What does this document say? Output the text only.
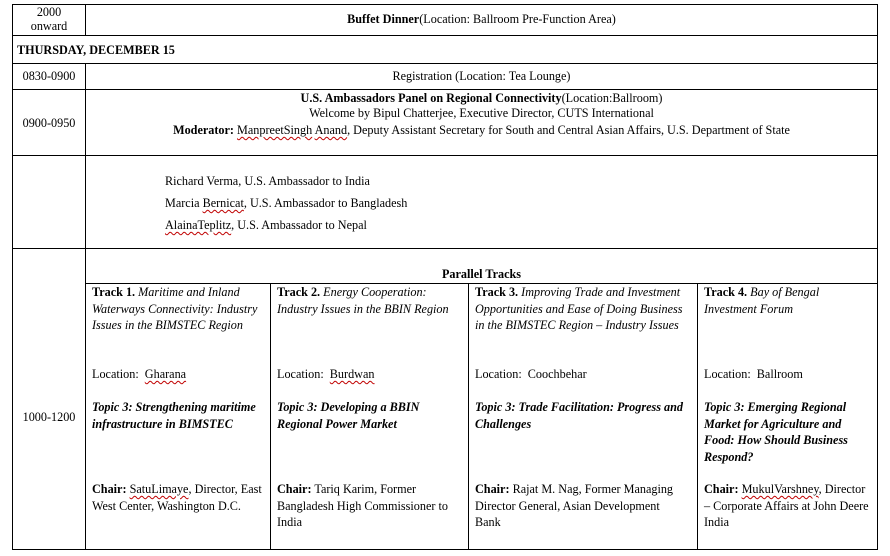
2000 onward	Buffet Dinner(Location: Ballroom Pre-Function Area)
THURSDAY, DECEMBER 15
0830-0900	Registration (Location: Tea Lounge)
0900-0950
U.S. Ambassadors Panel on Regional Connectivity(Location:Ballroom)
Welcome by Bipul Chatterjee, Executive Director, CUTS International
Moderator: ManpreetSingh Anand, Deputy Assistant Secretary for South and Central Asian Affairs, U.S. Department of State
Richard Verma, U.S. Ambassador to India
Marcia Bernicat, U.S. Ambassador to Bangladesh
AlainaTeplitz, U.S. Ambassador to Nepal
Parallel Tracks
1000-1200
Track 1. Maritime and Inland Waterways Connectivity: Industry Issues in the BIMSTEC Region
Location: Gharana
Topic 3: Strengthening maritime infrastructure in BIMSTEC
Chair: SatuLimaye, Director, East West Center, Washington D.C.
Track 2. Energy Cooperation: Industry Issues in the BBIN Region
Location: Burdwan
Topic 3: Developing a BBIN Regional Power Market
Chair: Tariq Karim, Former Bangladesh High Commissioner to India
Track 3. Improving Trade and Investment Opportunities and Ease of Doing Business in the BIMSTEC Region – Industry Issues
Location: Coochbehar
Topic 3: Trade Facilitation: Progress and Challenges
Chair: Rajat M. Nag, Former Managing Director General, Asian Development Bank
Track 4. Bay of Bengal Investment Forum
Location: Ballroom
Topic 3: Emerging Regional Market for Agriculture and Food: How Should Business Respond?
Chair: MukulVarshney, Director – Corporate Affairs at John Deere India
